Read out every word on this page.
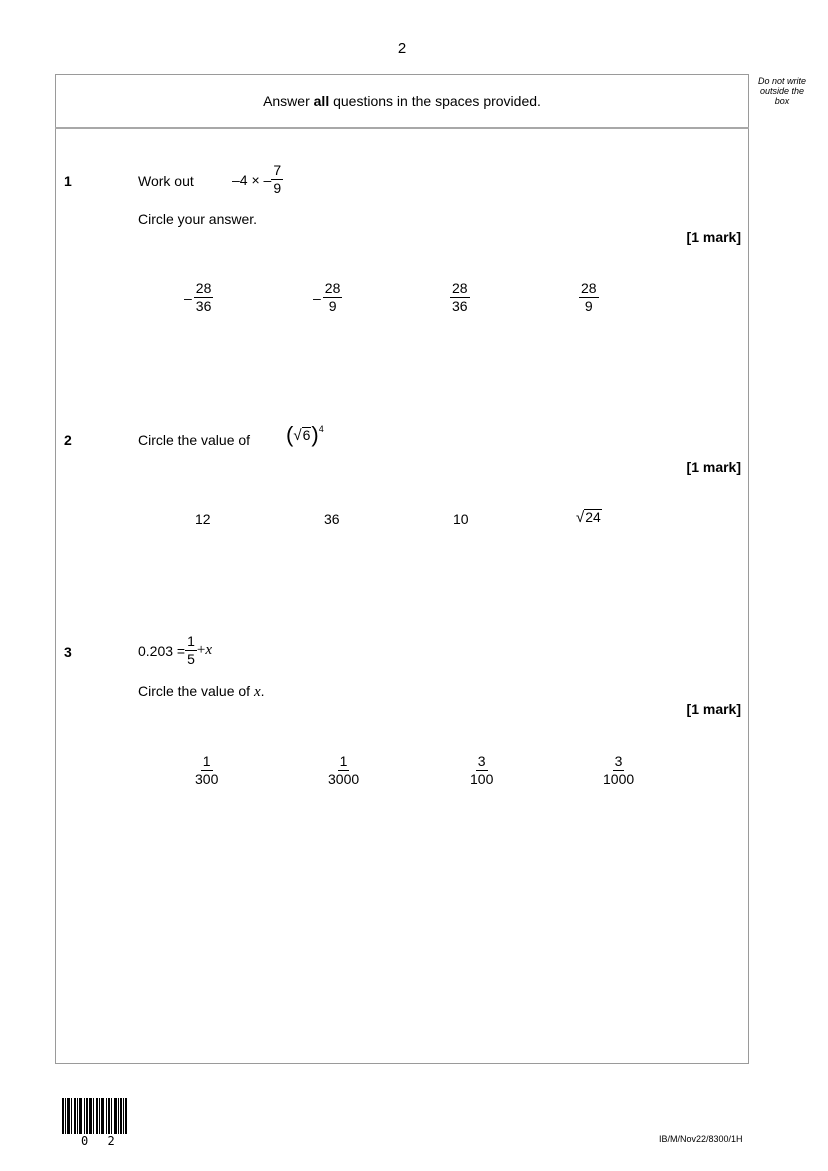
2
Do not write outside the box
Answer all questions in the spaces provided.
1	Work out	–4 × – $\frac{7}{9}$
Circle your answer.
[1 mark]
– $\frac{28}{36}$	– $\frac{28}{9}$	$\frac{28}{36}$	$\frac{28}{9}$
2	Circle the value of ( √ 6 ) 4
[1 mark]
12	36	10	√ 24
3	$0.203 = \frac{1}{5} + x$
Circle the value of x.
[1 mark]
$\frac{1}{300}$	$\frac{1}{3000}$	$\frac{3}{100}$	$\frac{3}{1000}$
0 2	IB/M/Nov22/8300/1H
